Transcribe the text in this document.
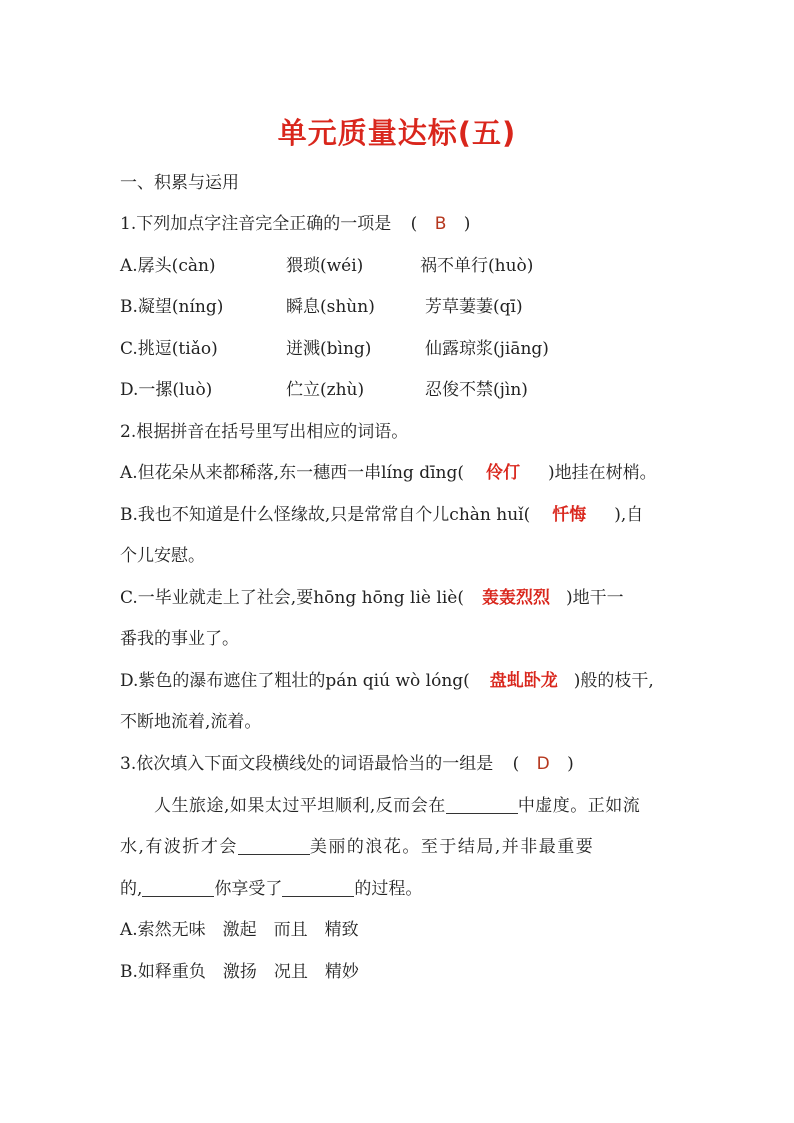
单元质量达标(五)
一、积累与运用
1.下列加点字注音完全正确的一项是 ( B )
A.孱头(càn)	猥琐(wéi)	祸不单行(huò)
B.凝望(níng)	瞬息(shùn)	芳草萋萋(qī)
C.挑逗(tiǎo)	迸溅(bìng)	仙露琼浆(jiāng)
D.一摞(luò)	伫立(zhù)	忍俊不禁(jìn)
2.根据拼音在括号里写出相应的词语。
A.但花朵从来都稀落,东一穗西一串líng dīng( 伶仃 )地挂在树梢。
B.我也不知道是什么怪缘故,只是常常自个儿chàn huǐ( 忏悔 ),自
个儿安慰。
C.一毕业就走上了社会,要hōng hōng liè liè( 轰轰烈烈 )地干一
番我的事业了。
D.紫色的瀑布遮住了粗壮的pán qiú wò lóng( 盘虬卧龙 )般的枝干,
不断地流着,流着。
3.依次填入下面文段横线处的词语最恰当的一组是 ( D )
人生旅途,如果太过平坦顺利,反而会在	中虚度。正如流
水,有波折才会	美丽的浪花。至于结局,并非最重要
的,	你享受了	的过程。
A.索然无味　激起　而且　精致
B.如释重负　激扬　况且　精妙
